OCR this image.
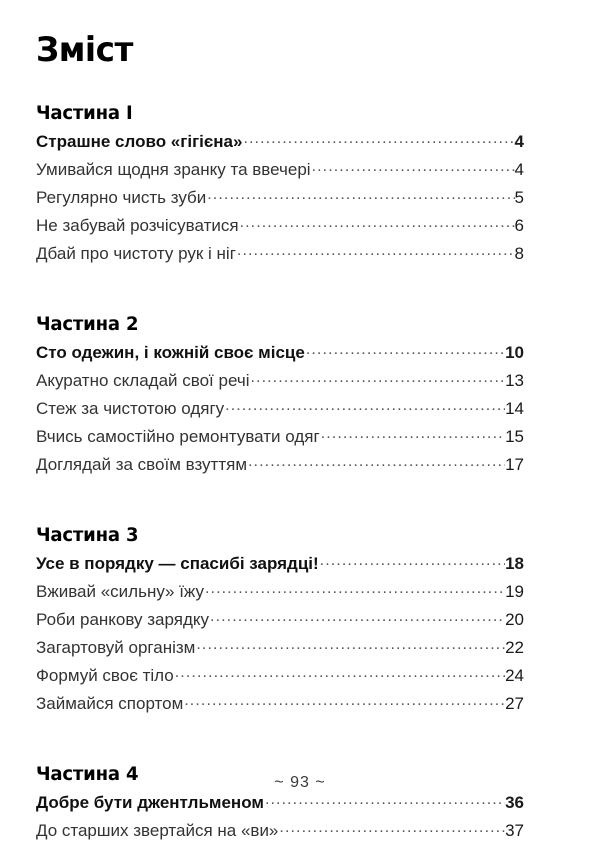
Зміст
Частина I
Страшне слово «гігієна» .....	4
Умивайся щодня зранку та ввечері .....	4
Регулярно чисть зуби .....	5
Не забувай розчісуватися .....	6
Дбай про чистоту рук і ніг .....	8
Частина 2
Сто одежин, і кожній своє місце .....	10
Акуратно складай свої речі .....	13
Стеж за чистотою одягу .....	14
Вчись самостійно ремонтувати одяг .....	15
Доглядай за своїм взуттям .....	17
Частина 3
Усе в порядку — спасибі зарядці! .....	18
Вживай «сильну» їжу .....	19
Роби ранкову зарядку .....	20
Загартовуй організм .....	22
Формуй своє тіло .....	24
Займайся спортом .....	27
Частина 4
Добре бути джентльменом .....	36
До старших звертайся на «ви» .....	37
~ 93 ~
